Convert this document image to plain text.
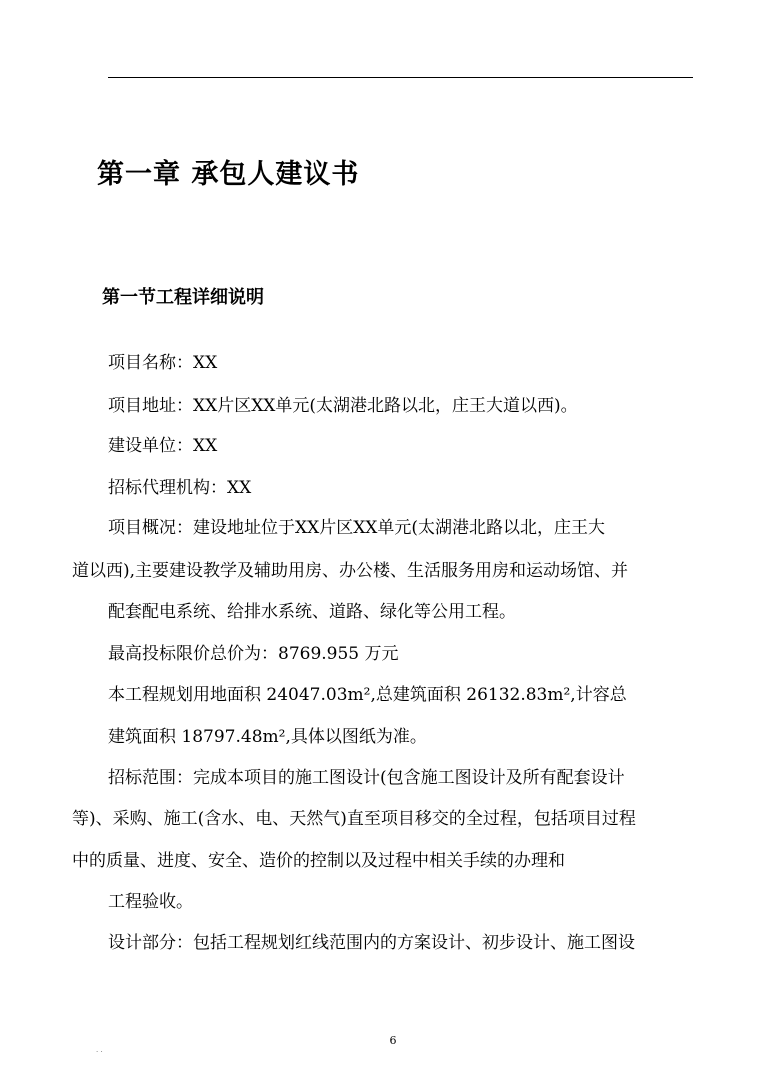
第一章 承包人建议书
第一节工程详细说明
项目名称：XX
项目地址：XX片区XX单元(太湖港北路以北，庄王大道以西)。
建设单位：XX
招标代理机构：XX
项目概况：建设地址位于XX片区XX单元(太湖港北路以北，庄王大
道以西),主要建设教学及辅助用房、办公楼、生活服务用房和运动场馆、并
配套配电系统、给排水系统、道路、绿化等公用工程。
最高投标限价总价为：8769.955 万元
本工程规划用地面积 24047.03m²,总建筑面积 26132.83m²,计容总
建筑面积 18797.48m²,具体以图纸为准。
招标范围：完成本项目的施工图设计(包含施工图设计及所有配套设计
等)、采购、施工(含水、电、天然气)直至项目移交的全过程，包括项目过程
中的质量、进度、安全、造价的控制以及过程中相关手续的办理和
工程验收。
设计部分：包括工程规划红线范围内的方案设计、初步设计、施工图设
6
. .
